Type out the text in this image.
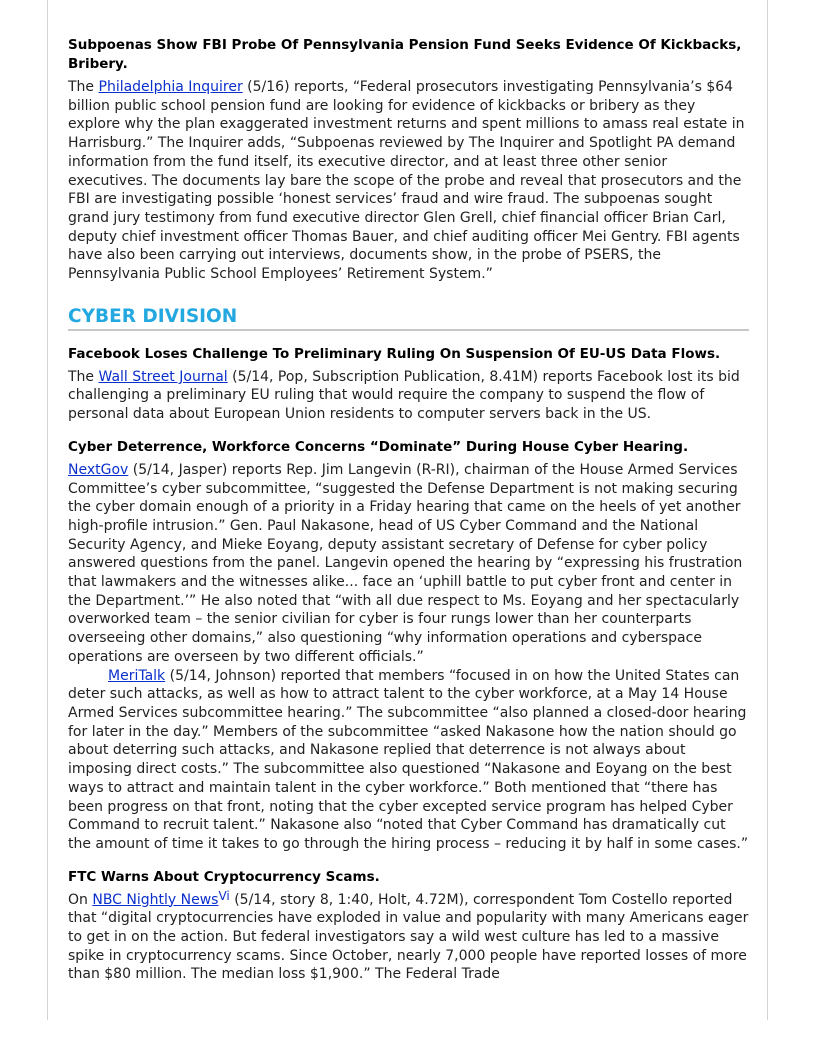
Subpoenas Show FBI Probe Of Pennsylvania Pension Fund Seeks Evidence Of Kickbacks, Bribery.

The Philadelphia Inquirer (5/16) reports, “Federal prosecutors investigating Pennsylvania’s $64 billion public school pension fund are looking for evidence of kickbacks or bribery as they explore why the plan exaggerated investment returns and spent millions to amass real estate in Harrisburg.” The Inquirer adds, “Subpoenas reviewed by The Inquirer and Spotlight PA demand information from the fund itself, its executive director, and at least three other senior executives. The documents lay bare the scope of the probe and reveal that prosecutors and the FBI are investigating possible ‘honest services’ fraud and wire fraud. The subpoenas sought grand jury testimony from fund executive director Glen Grell, chief financial officer Brian Carl, deputy chief investment officer Thomas Bauer, and chief auditing officer Mei Gentry. FBI agents have also been carrying out interviews, documents show, in the probe of PSERS, the Pennsylvania Public School Employees’ Retirement System.”

CYBER DIVISION

Facebook Loses Challenge To Preliminary Ruling On Suspension Of EU-US Data Flows.

The Wall Street Journal (5/14, Pop, Subscription Publication, 8.41M) reports Facebook lost its bid challenging a preliminary EU ruling that would require the company to suspend the flow of personal data about European Union residents to computer servers back in the US.

Cyber Deterrence, Workforce Concerns “Dominate” During House Cyber Hearing.

NextGov (5/14, Jasper) reports Rep. Jim Langevin (R-RI), chairman of the House Armed Services Committee’s cyber subcommittee, “suggested the Defense Department is not making securing the cyber domain enough of a priority in a Friday hearing that came on the heels of yet another high-profile intrusion.” Gen. Paul Nakasone, head of US Cyber Command and the National Security Agency, and Mieke Eoyang, deputy assistant secretary of Defense for cyber policy answered questions from the panel. Langevin opened the hearing by “expressing his frustration that lawmakers and the witnesses alike... face an ‘uphill battle to put cyber front and center in the Department.’” He also noted that “with all due respect to Ms. Eoyang and her spectacularly overworked team – the senior civilian for cyber is four rungs lower than her counterparts overseeing other domains,” also questioning “why information operations and cyberspace operations are overseen by two different officials.”

MeriTalk (5/14, Johnson) reported that members “focused in on how the United States can deter such attacks, as well as how to attract talent to the cyber workforce, at a May 14 House Armed Services subcommittee hearing.” The subcommittee “also planned a closed-door hearing for later in the day.” Members of the subcommittee “asked Nakasone how the nation should go about deterring such attacks, and Nakasone replied that deterrence is not always about imposing direct costs.” The subcommittee also questioned “Nakasone and Eoyang on the best ways to attract and maintain talent in the cyber workforce.” Both mentioned that “there has been progress on that front, noting that the cyber excepted service program has helped Cyber Command to recruit talent.” Nakasone also “noted that Cyber Command has dramatically cut the amount of time it takes to go through the hiring process – reducing it by half in some cases.”

FTC Warns About Cryptocurrency Scams.

On NBC Nightly News$^{Vi}$ (5/14, story 8, 1:40, Holt, 4.72M), correspondent Tom Costello reported that “digital cryptocurrencies have exploded in value and popularity with many Americans eager to get in on the action. But federal investigators say a wild west culture has led to a massive spike in cryptocurrency scams. Since October, nearly 7,000 people have reported losses of more than $80 million. The median loss $1,900.” The Federal Trade
